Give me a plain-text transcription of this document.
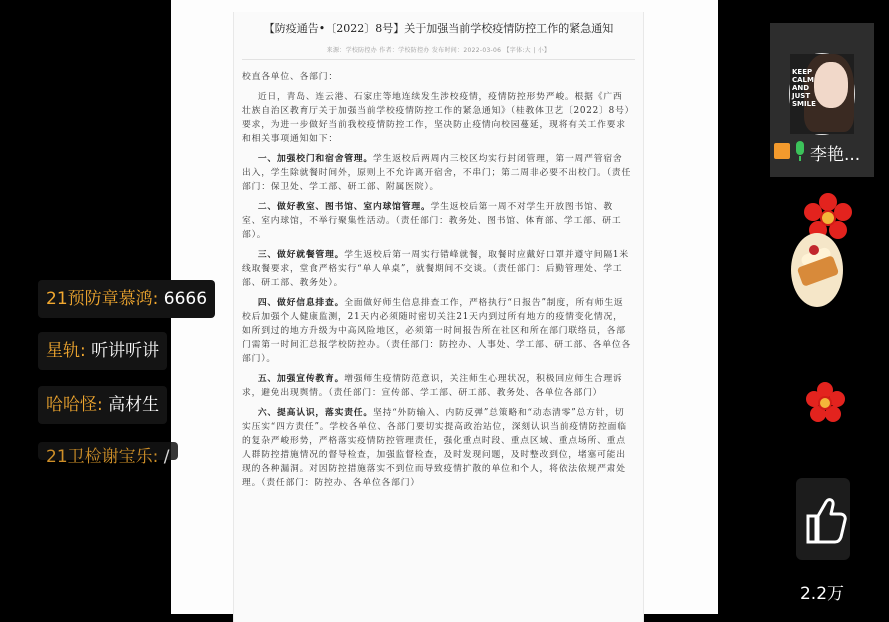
【防疫通告•〔2022〕8号】关于加强当前学校疫情防控工作的紧急通知
来源：学校防控办 作者：学校防控办 发布时间：2022-03-06 【字体:大 | 小】

校直各单位、各部门：

近日，青岛、连云港、石家庄等地连续发生涉校疫情，疫情防控形势严峻。根据《广西壮族自治区教育厅关于加强当前学校疫情防控工作的紧急通知》（桂教体卫艺〔2022〕8号）要求，为进一步做好当前我校疫情防控工作，坚决防止疫情向校园蔓延，现将有关工作要求和相关事项通知如下：

一、加强校门和宿舍管理。学生返校后两周内三校区均实行封闭管理，第一周严管宿舍出入，学生除就餐时间外，原则上不允许离开宿舍，不串门；第二周非必要不出校门。（责任部门：保卫处、学工部、研工部、附属医院）。

二、做好教室、图书馆、室内球馆管理。学生返校后第一周不对学生开放图书馆、教室、室内球馆，不举行聚集性活动。（责任部门：教务处、图书馆、体育部、学工部、研工部）。

三、做好就餐管理。学生返校后第一周实行错峰就餐，取餐时应戴好口罩并遵守间隔1米线取餐要求，堂食严格实行“单人单桌”，就餐期间不交谈。（责任部门：后勤管理处、学工部、研工部、教务处）。

四、做好信息排查。全面做好师生信息排查工作，严格执行“日报告”制度，所有师生返校后加强个人健康监测，21天内必须随时密切关注21天内到过所有地方的疫情变化情况，如所到过的地方升级为中高风险地区，必须第一时间报告所在社区和所在部门联络员，各部门需第一时间汇总报学校防控办。（责任部门：防控办、人事处、学工部、研工部、各单位各部门）。

五、加强宣传教育。增强师生疫情防范意识，关注师生心理状况，积极回应师生合理诉求，避免出现舆情。（责任部门：宣传部、学工部、研工部、教务处、各单位各部门）

六、提高认识，落实责任。坚持“外防输入、内防反弹”总策略和“动态清零”总方针，切实压实“四方责任”。学校各单位、各部门要切实提高政治站位，深刻认识当前疫情防控面临的复杂严峻形势，严格落实疫情防控管理责任，强化重点时段、重点区域、重点场所、重点人群防控措施情况的督导检查，加强监督检查，及时发现问题，及时整改到位，堵塞可能出现的各种漏洞。对因防控措施落实不到位而导致疫情扩散的单位和个人，将依法依规严肃处理。（责任部门：防控办、各单位各部门）

21预防章慕鸿: 6666
星轨: 听讲听讲
哈哈怪: 高材生
21卫检谢宝乐: /
KEEP CALM AND JUST SMILE
李艳...
2.2万
